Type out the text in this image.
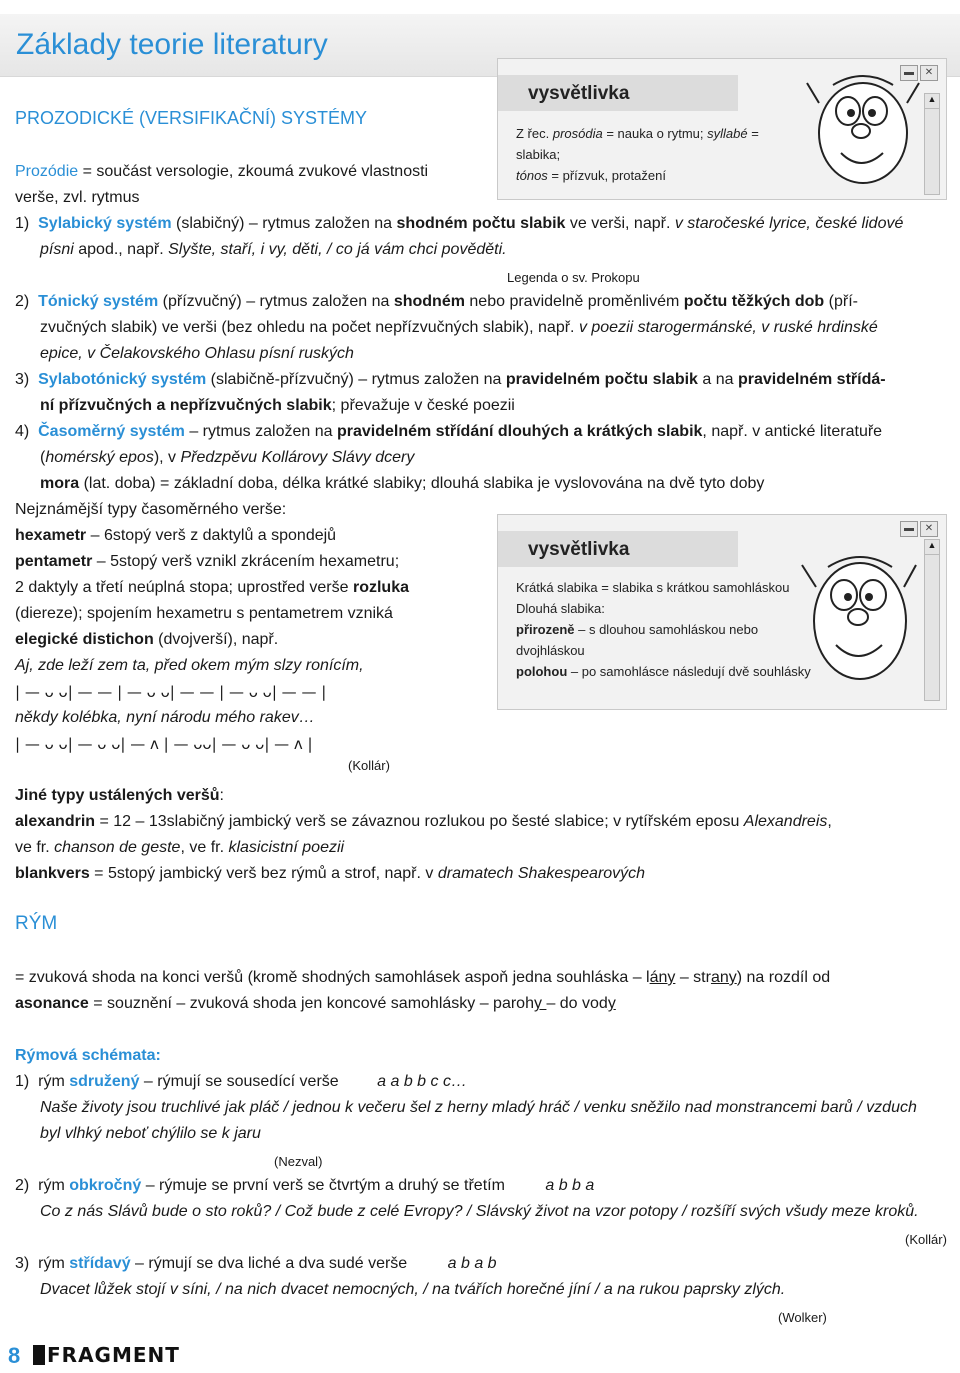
Základy teorie literatury
vysvětlivka
▬	✕
▲
Z řec. prosódia = nauka o rytmu; syllabé = slabika;
tónos = přízvuk, protažení
PROZODICKÉ (VERSIFIKAČNÍ) SYSTÉMY
Prozódie = součást versologie, zkoumá zvukové vlastnosti
verše, zvl. rytmus
1) Sylabický systém (slabičný) – rytmus založen na shodném počtu slabik ve verši, např. v staročeské lyrice, české lidové
písni apod., např. Slyšte, staří, i vy, děti, / co já vám chci pověděti.
Legenda o sv. Prokopu
2) Tónický systém (přízvučný) – rytmus založen na shodném nebo pravidelně proměnlivém počtu těžkých dob (pří-
zvučných slabik) ve verši (bez ohledu na počet nepřízvučných slabik), např. v poezii starogermánské, v ruské hrdinské
epice, v Čelakovského Ohlasu písní ruských
3) Sylabotónický systém (slabičně-přízvučný) – rytmus založen na pravidelném počtu slabik a na pravidelném střídá-
ní přízvučných a nepřízvučných slabik; převažuje v české poezii
4) Časoměrný systém – rytmus založen na pravidelném střídání dlouhých a krátkých slabik, např. v antické literatuře
(homérský epos), v Předzpěvu Kollárovy Slávy dcery
mora (lat. doba) = základní doba, délka krátké slabiky; dlouhá slabika je vyslovována na dvě tyto doby
Nejznámější typy časoměrného verše:
hexametr – 6stopý verš z daktylů a spondejů
pentametr – 5stopý verš vznikl zkrácením hexametru;
2 daktyly a třetí neúplná stopa; uprostřed verše rozluka
(diereze); spojením hexametru s pentametrem vzniká
elegické distichon (dvojverší), např.
Aj, zde leží zem ta, před okem mým slzy ronícím,
| — ᴗ ᴗ| — — | — ᴗ ᴗ| — — | — ᴗ ᴗ| — — |
někdy kolébka, nyní národu mého rakev…
| — ᴗ ᴗ| — ᴗ ᴗ| — ʌ | — ᴗᴗ| — ᴗ ᴗ| — ʌ |
(Kollár)
vysvětlivka
▬	✕
▲
Krátká slabika = slabika s krátkou samohláskou
Dlouhá slabika:
přirozeně – s dlouhou samohláskou nebo
dvojhláskou
polohou – po samohlásce následují dvě souhlásky
Jiné typy ustálených veršů:
alexandrin = 12 – 13slabičný jambický verš se závaznou rozlukou po šesté slabice; v rytířském eposu Alexandreis,
ve fr. chanson de geste, ve fr. klasicistní poezii
blankvers = 5stopý jambický verš bez rýmů a strof, např. v dramatech Shakespearových
RÝM
= zvuková shoda na konci veršů (kromě shodných samohlásek aspoň jedna souhláska – lány – strany) na rozdíl od
asonance = souznění – zvuková shoda jen koncové samohlásky – parohy – do vody
Rýmová schémata:
1) rým sdružený – rýmují se sousedící verše a a b b c c…
Naše životy jsou truchlivé jak pláč / jednou k večeru šel z herny mladý hráč / venku sněžilo nad monstrancemi barů / vzduch
byl vlhký neboť chýlilo se k jaru
(Nezval)
2) rým obkročný – rýmuje se první verš se čtvrtým a druhý se třetím	a b b a
Co z nás Slávů bude o sto roků? / Což bude z celé Evropy? / Slávský život na vzor potopy / rozšíří svých všudy meze kroků.
(Kollár)
3) rým střídavý – rýmují se dva liché a dva sudé verše	a b a b
Dvacet lůžek stojí v síni, / na nich dvacet nemocných, / na tvářích horečné jíní / a na rukou paprsky zlých.
(Wolker)
8	FRAGMENT
